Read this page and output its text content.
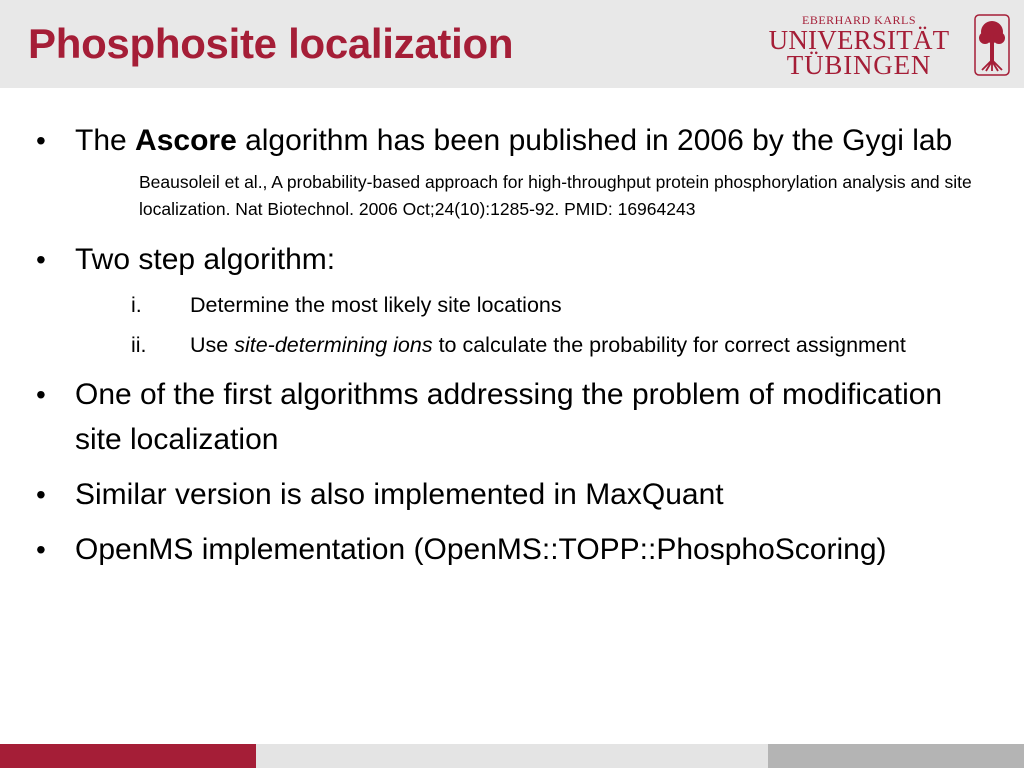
Phosphosite localization	EBERHARD KARLS
UNIVERSITÄT
TÜBINGEN
• The Ascore algorithm has been published in 2006 by the Gygi lab
Beausoleil et al., A probability-based approach for high-throughput protein phosphorylation analysis and site localization. Nat Biotechnol. 2006 Oct;24(10):1285-92. PMID: 16964243
• Two step algorithm:
i. Determine the most likely site locations
ii. Use site-determining ions to calculate the probability for correct assignment
• One of the first algorithms addressing the problem of modification site localization
• Similar version is also implemented in MaxQuant
• OpenMS implementation (OpenMS::TOPP::PhosphoScoring)
